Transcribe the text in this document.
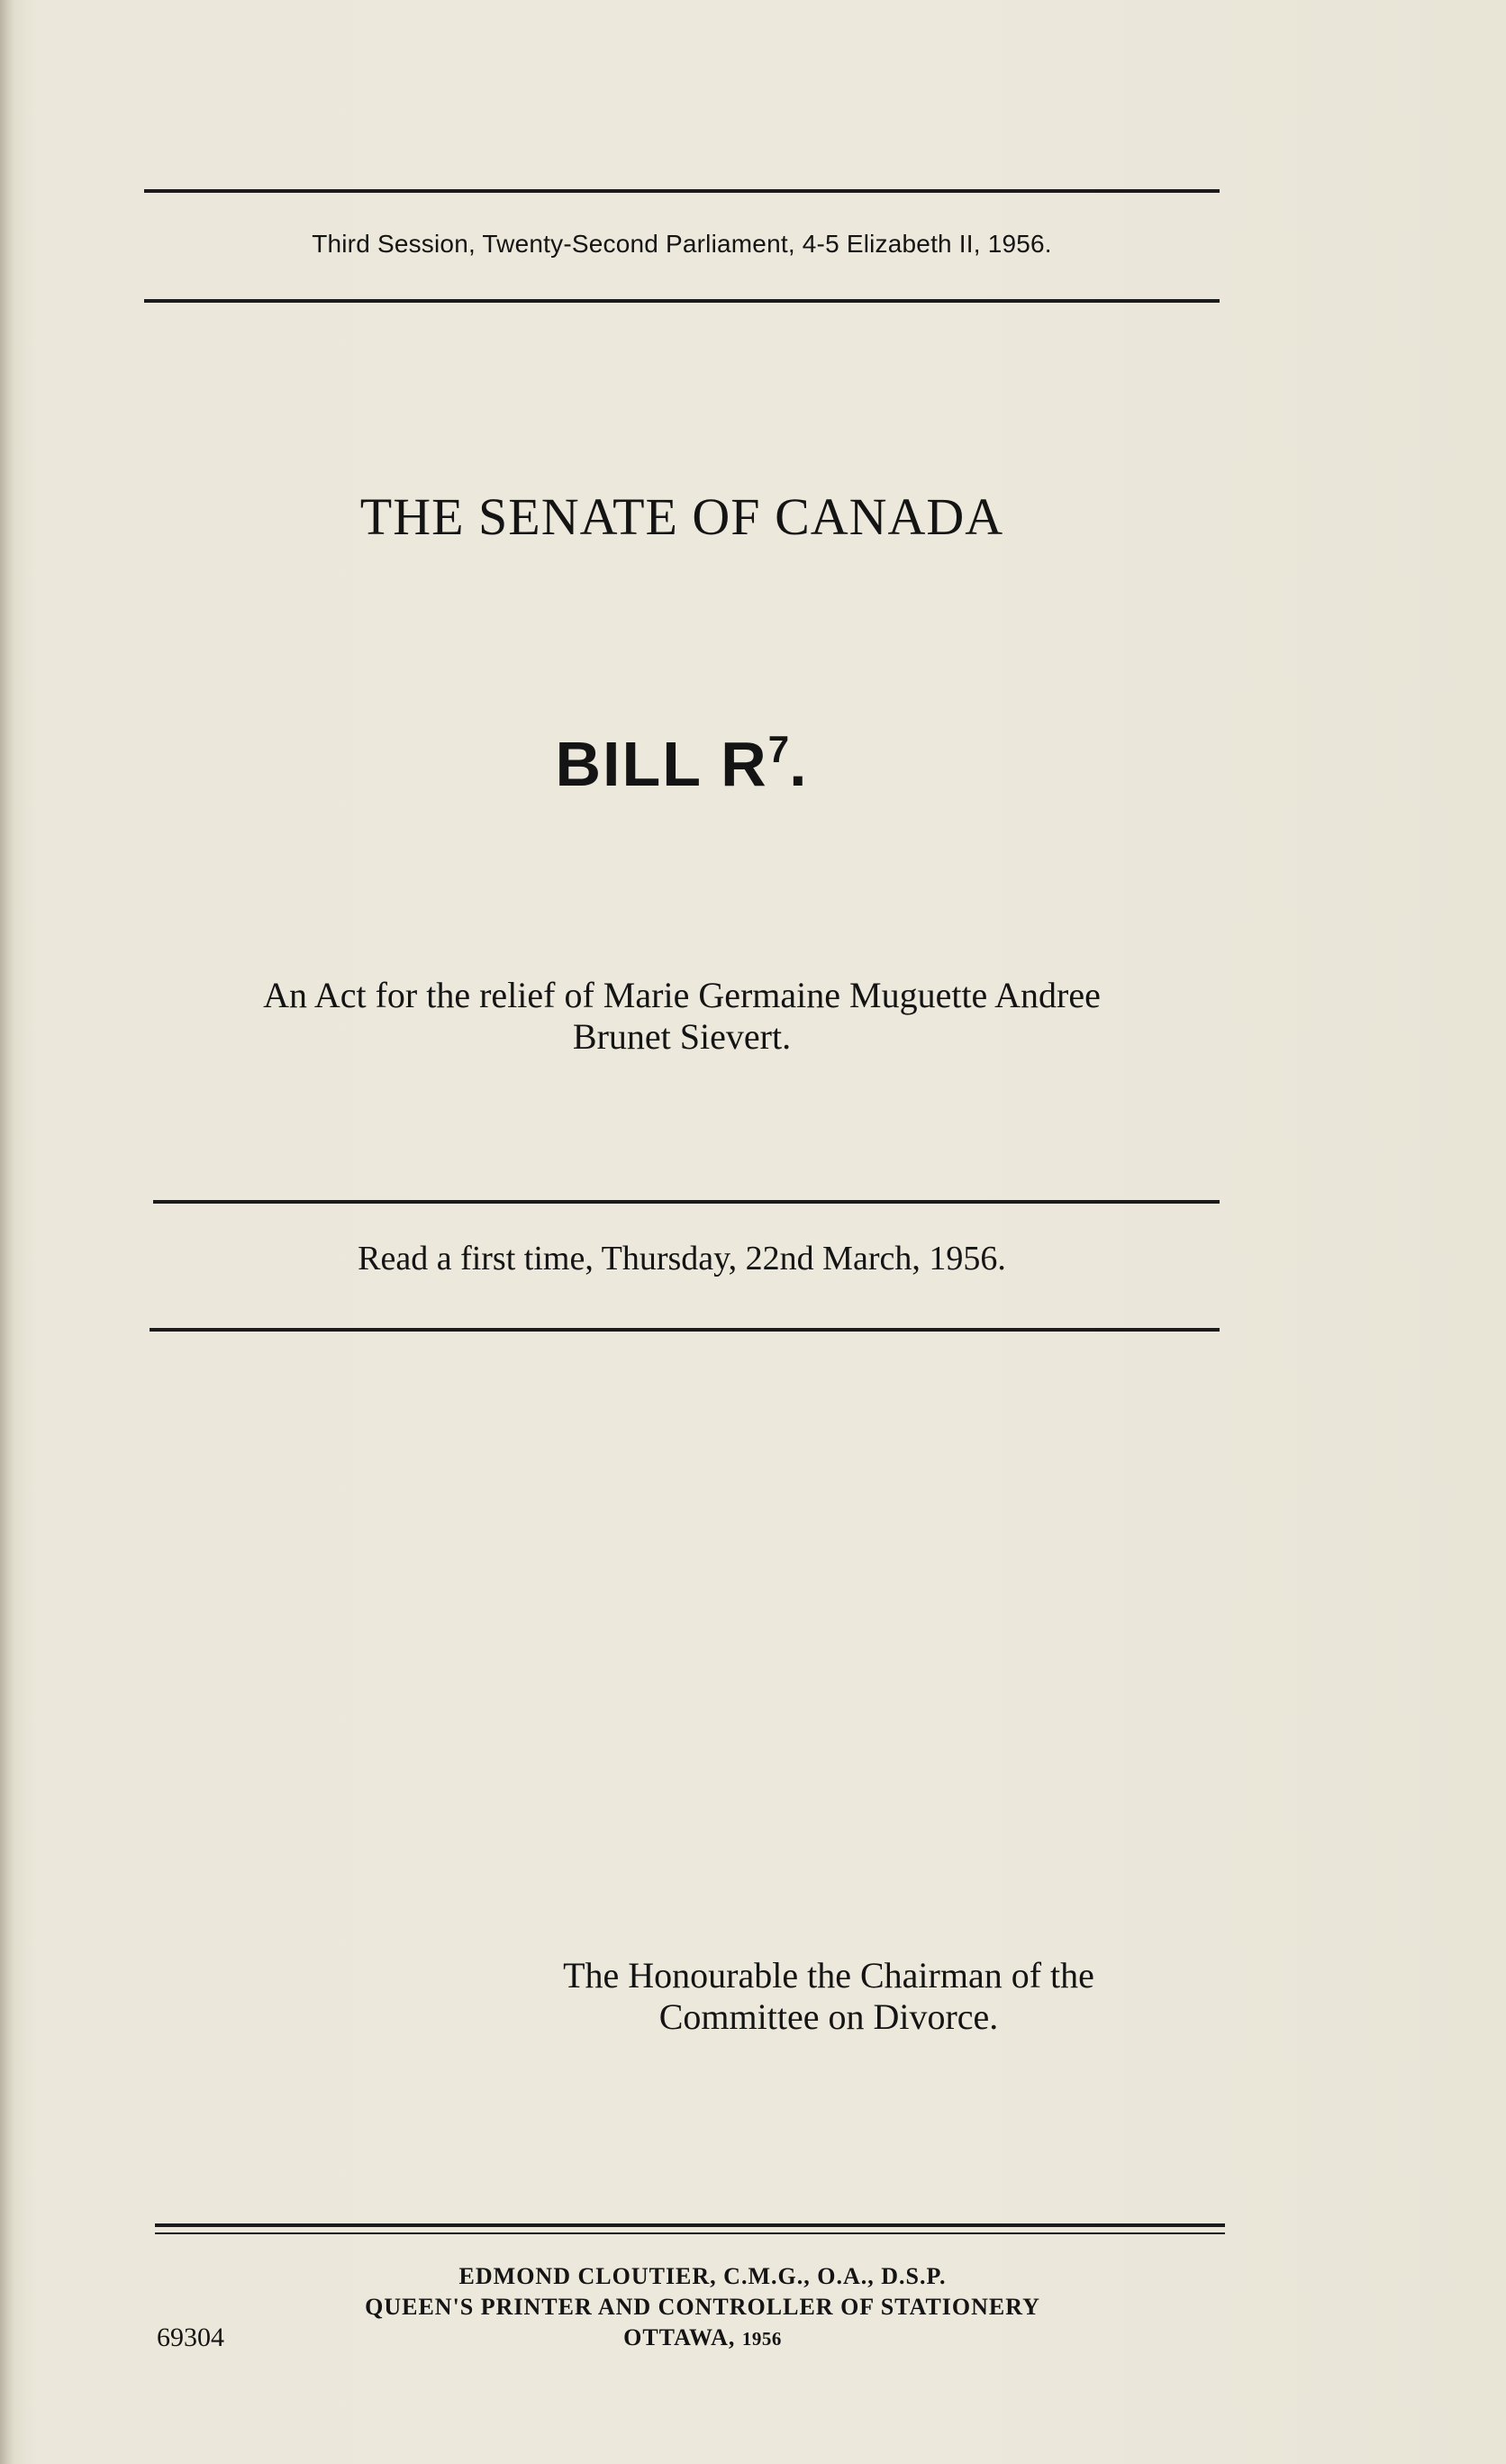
Third Session, Twenty-Second Parliament, 4-5 Elizabeth II, 1956.
THE SENATE OF CANADA
BILL $R^7$.
An Act for the relief of Marie Germaine Muguette Andree
Brunet Sievert.
Read a first time, Thursday, 22nd March, 1956.
The Honourable the Chairman of the
Committee on Divorce.
EDMOND CLOUTIER, C.M.G., O.A., D.S.P.
QUEEN'S PRINTER AND CONTROLLER OF STATIONERY
OTTAWA, 1956
69304
